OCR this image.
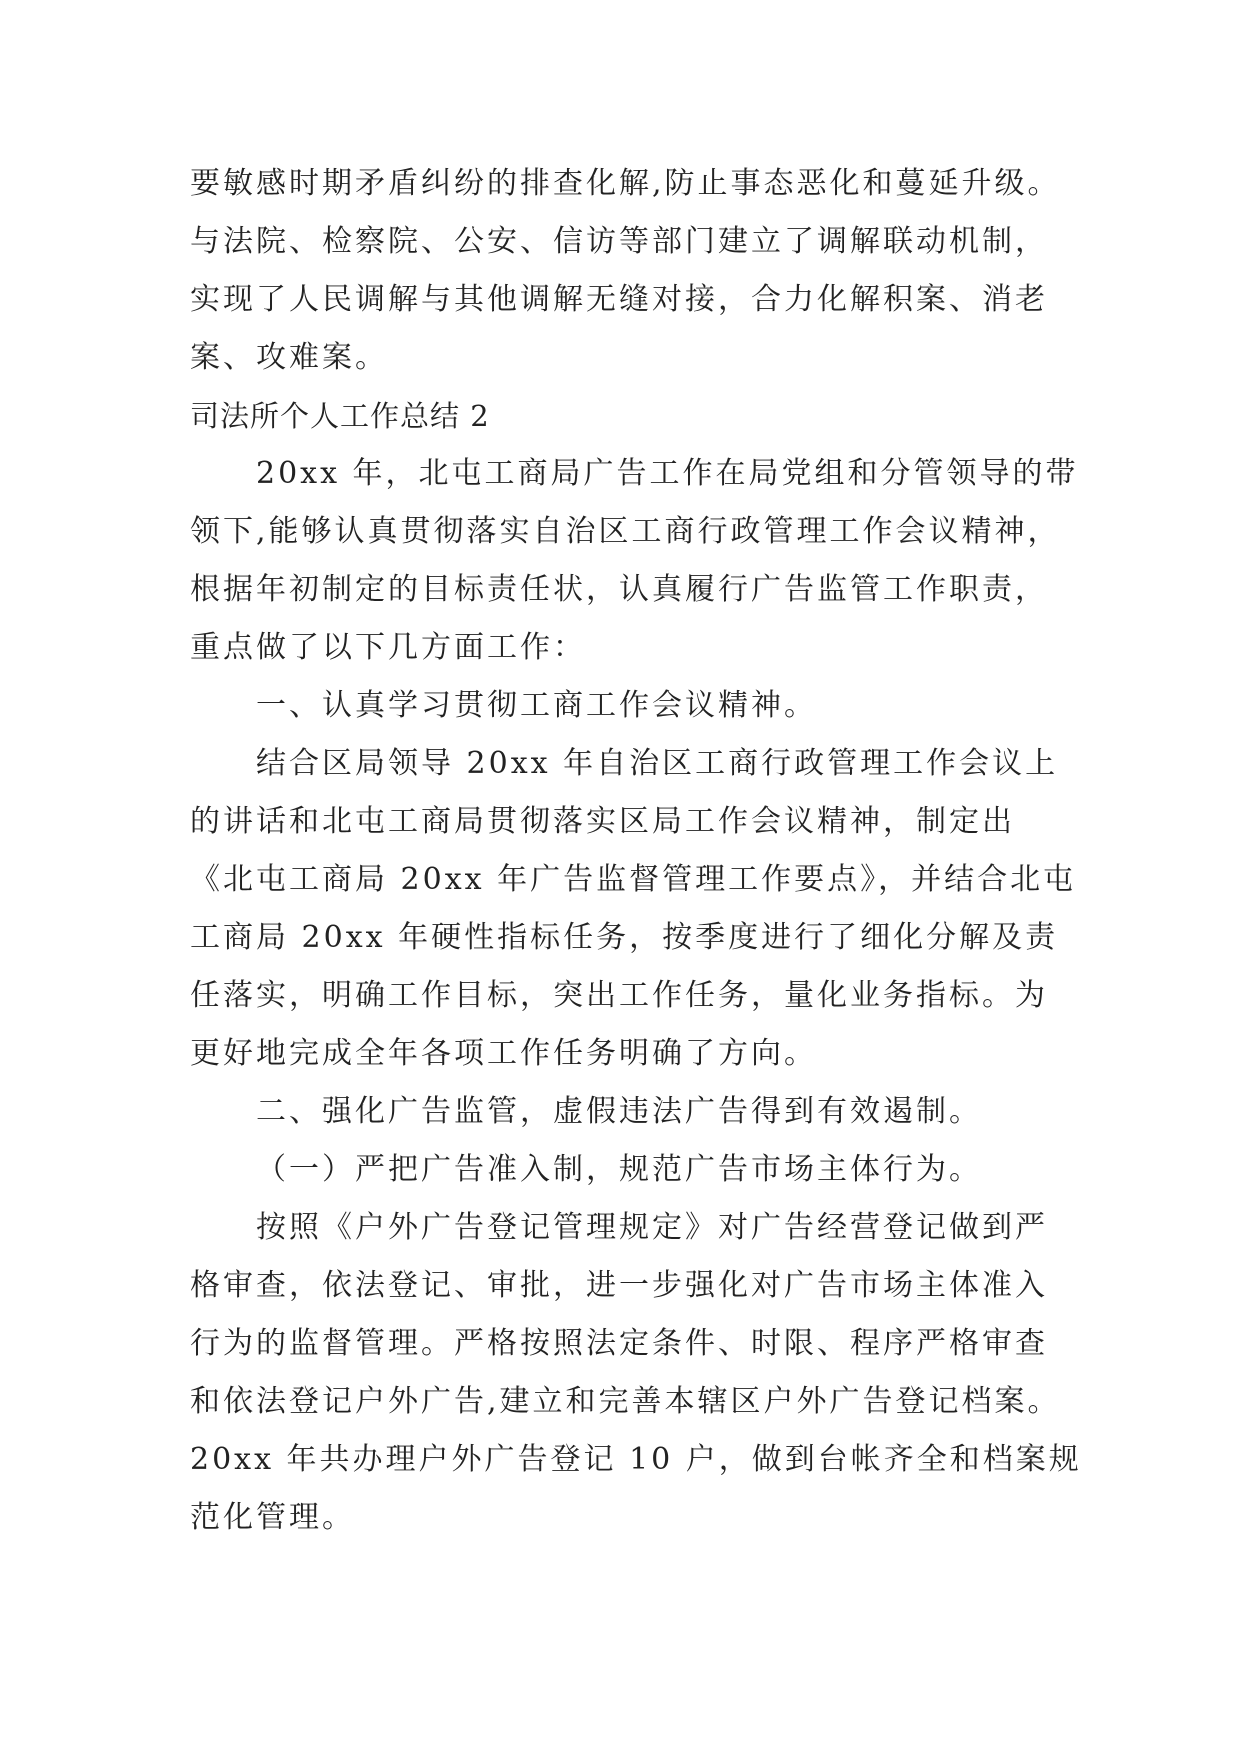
要敏感时期矛盾纠纷的排查化解,防止事态恶化和蔓延升级。
与法院、检察院、公安、信访等部门建立了调解联动机制，
实现了人民调解与其他调解无缝对接，合力化解积案、消老
案、攻难案。
司法所个人工作总结 2
20xx 年，北屯工商局广告工作在局党组和分管领导的带
领下,能够认真贯彻落实自治区工商行政管理工作会议精神，
根据年初制定的目标责任状，认真履行广告监管工作职责，
重点做了以下几方面工作：
一、认真学习贯彻工商工作会议精神。
结合区局领导 20xx 年自治区工商行政管理工作会议上
的讲话和北屯工商局贯彻落实区局工作会议精神，制定出
《北屯工商局 20xx 年广告监督管理工作要点》，并结合北屯
工商局 20xx 年硬性指标任务，按季度进行了细化分解及责
任落实，明确工作目标，突出工作任务，量化业务指标。为
更好地完成全年各项工作任务明确了方向。
二、强化广告监管，虚假违法广告得到有效遏制。
（一）严把广告准入制，规范广告市场主体行为。
按照《户外广告登记管理规定》对广告经营登记做到严
格审查，依法登记、审批，进一步强化对广告市场主体准入
行为的监督管理。严格按照法定条件、时限、程序严格审查
和依法登记户外广告,建立和完善本辖区户外广告登记档案。
20xx 年共办理户外广告登记 10 户，做到台帐齐全和档案规
范化管理。
